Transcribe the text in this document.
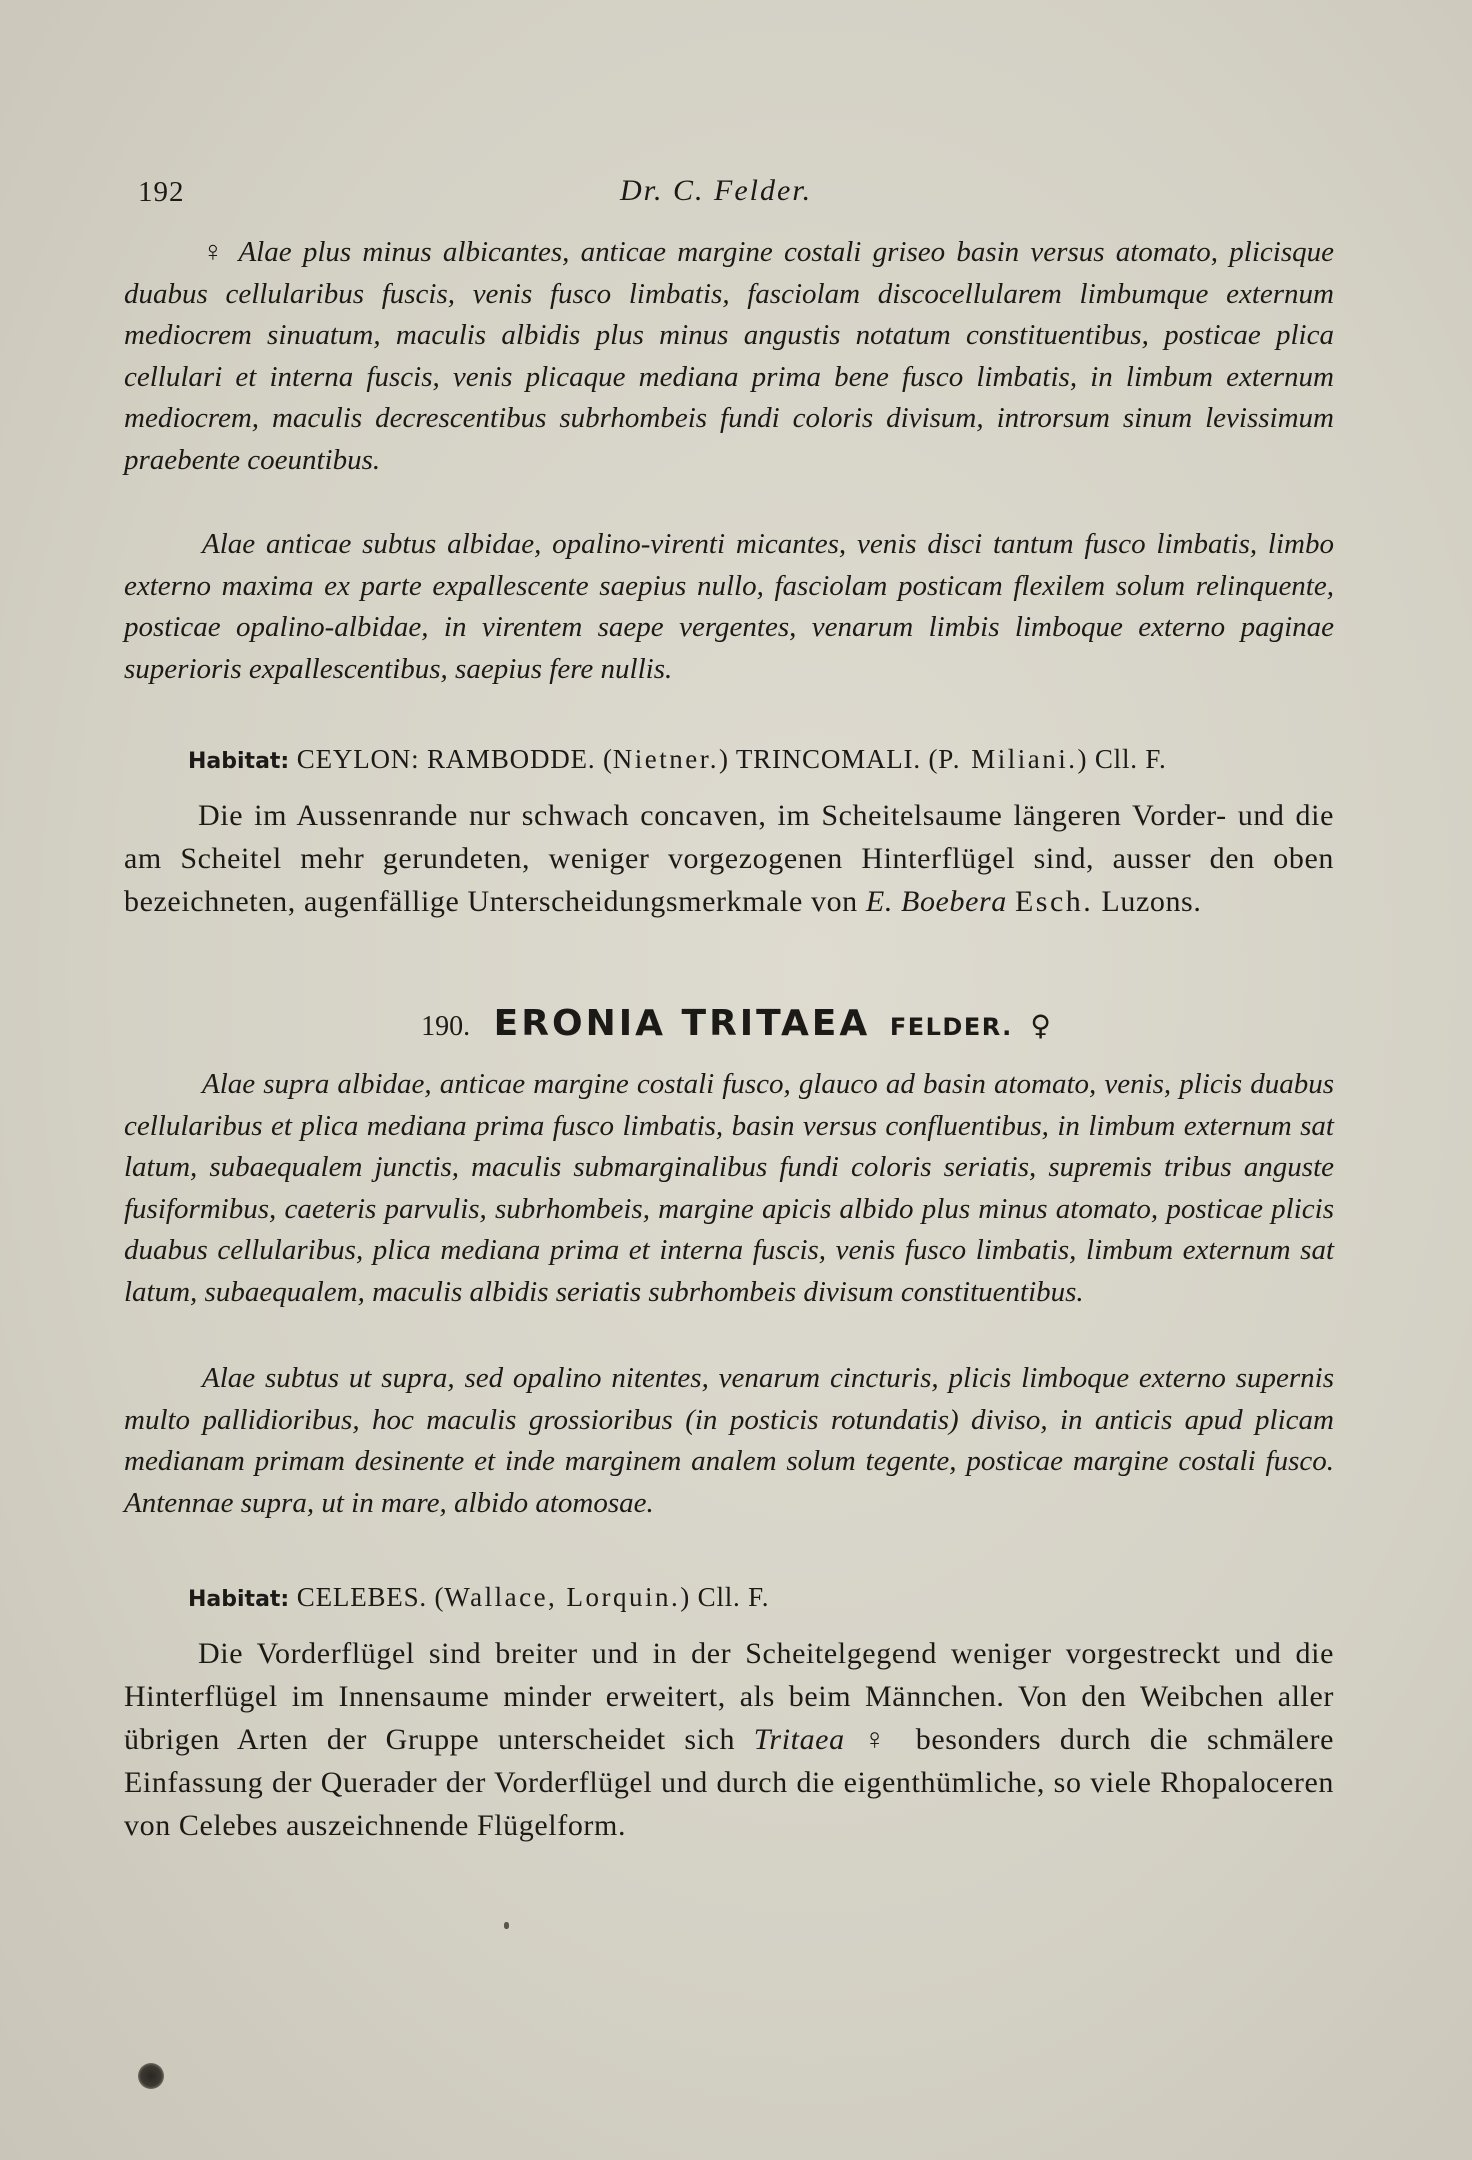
192	Dr. C. Felder.

♀ Alae plus minus albicantes, anticae margine costali griseo basin versus atomato, plicisque duabus cellularibus fuscis, venis fusco limbatis, fasciolam discocellularem limbumque externum mediocrem sinuatum, maculis albidis plus minus angustis notatum constituentibus, posticae plica cellulari et interna fuscis, venis plicaque mediana prima bene fusco limbatis, in limbum externum mediocrem, maculis decrescentibus subrhombeis fundi coloris divisum, introrsum sinum levissimum praebente coeuntibus.

Alae anticae subtus albidae, opalino-virenti micantes, venis disci tantum fusco limbatis, limbo externo maxima ex parte expallescente saepius nullo, fasciolam posticam flexilem solum relinquente, posticae opalino-albidae, in virentem saepe vergentes, venarum limbis limboque externo paginae superioris expallescentibus, saepius fere nullis.

Habitat: CEYLON: RAMBODDE. (Nietner.) TRINCOMALI. (P. Miliani.) Cll. F.

Die im Aussenrande nur schwach concaven, im Scheitelsaume längeren Vorder- und die am Scheitel mehr gerundeten, weniger vorgezogenen Hinterflügel sind, ausser den oben bezeichneten, augenfällige Unterscheidungsmerkmale von E. Boebera Esch. Luzons.

190. ERONIA TRITAEA FELDER. ♀

Alae supra albidae, anticae margine costali fusco, glauco ad basin atomato, venis, plicis duabus cellularibus et plica mediana prima fusco limbatis, basin versus confluentibus, in limbum externum sat latum, subaequalem junctis, maculis submarginalibus fundi coloris seriatis, supremis tribus anguste fusiformibus, caeteris parvulis, subrhombeis, margine apicis albido plus minus atomato, posticae plicis duabus cellularibus, plica mediana prima et interna fuscis, venis fusco limbatis, limbum externum sat latum, subaequalem, maculis albidis seriatis subrhombeis divisum constituentibus.

Alae subtus ut supra, sed opalino nitentes, venarum cincturis, plicis limboque externo supernis multo pallidioribus, hoc maculis grossioribus (in posticis rotundatis) diviso, in anticis apud plicam medianam primam desinente et inde marginem analem solum tegente, posticae margine costali fusco. Antennae supra, ut in mare, albido atomosae.

Habitat: CELEBES. (Wallace, Lorquin.) Cll. F.

Die Vorderflügel sind breiter und in der Scheitelgegend weniger vorgestreckt und die Hinterflügel im Innensaume minder erweitert, als beim Männchen. Von den Weibchen aller übrigen Arten der Gruppe unterscheidet sich Tritaea ♀ besonders durch die schmälere Einfassung der Querader der Vorderflügel und durch die eigenthümliche, so viele Rhopaloceren von Celebes auszeichnende Flügelform.
